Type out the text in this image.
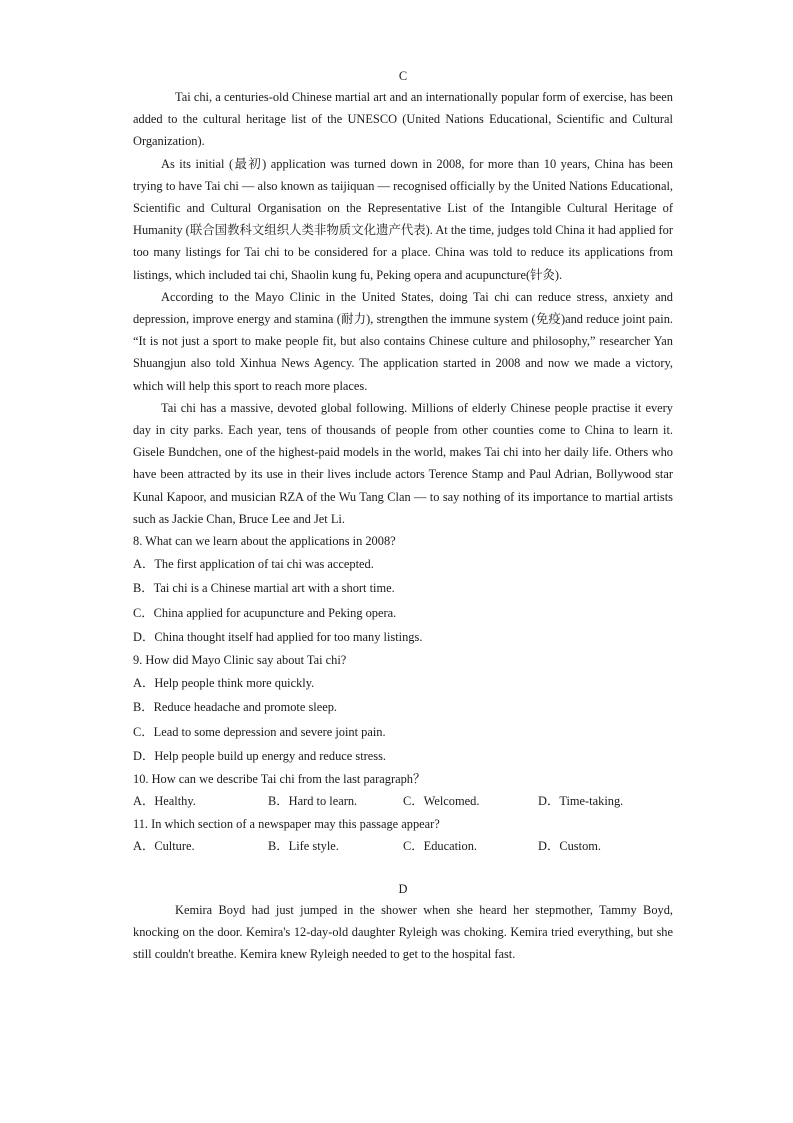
C

Tai chi, a centuries-old Chinese martial art and an internationally popular form of exercise, has been added to the cultural heritage list of the UNESCO (United Nations Educational, Scientific and Cultural Organization).

As its initial (最初) application was turned down in 2008, for more than 10 years, China has been trying to have Tai chi — also known as taijiquan — recognised officially by the United Nations Educational, Scientific and Cultural Organisation on the Representative List of the Intangible Cultural Heritage of Humanity (联合国教科文组织人类非物质文化遗产代表). At the time, judges told China it had applied for too many listings for Tai chi to be considered for a place. China was told to reduce its applications from listings, which included tai chi, Shaolin kung fu, Peking opera and acupuncture(针灸).

According to the Mayo Clinic in the United States, doing Tai chi can reduce stress, anxiety and depression, improve energy and stamina (耐力), strengthen the immune system (免疫)and reduce joint pain. “It is not just a sport to make people fit, but also contains Chinese culture and philosophy,” researcher Yan Shuangjun also told Xinhua News Agency. The application started in 2008 and now we made a victory, which will help this sport to reach more places.

Tai chi has a massive, devoted global following. Millions of elderly Chinese people practise it every day in city parks. Each year, tens of thousands of people from other counties come to China to learn it. Gisele Bundchen, one of the highest-paid models in the world, makes Tai chi into her daily life. Others who have been attracted by its use in their lives include actors Terence Stamp and Paul Adrian, Bollywood star Kunal Kapoor, and musician RZA of the Wu Tang Clan — to say nothing of its importance to martial artists such as Jackie Chan, Bruce Lee and Jet Li.

8. What can we learn about the applications in 2008?

A．The first application of tai chi was accepted.

B．Tai chi is a Chinese martial art with a short time.

C．China applied for acupuncture and Peking opera.

D．China thought itself had applied for too many listings.

9. How did Mayo Clinic say about Tai chi?

A．Help people think more quickly.

B．Reduce headache and promote sleep.

C．Lead to some depression and severe joint pain.

D．Help people build up energy and reduce stress.

10. How can we describe Tai chi from the last paragraph？

A．Healthy.	B．Hard to learn.	C．Welcomed.	D．Time-taking.

11. In which section of a newspaper may this passage appear?

A．Culture.	B．Life style.	C．Education.	D．Custom.

D

Kemira Boyd had just jumped in the shower when she heard her stepmother, Tammy Boyd, knocking on the door. Kemira's 12-day-old daughter Ryleigh was choking. Kemira tried everything, but she still couldn't breathe. Kemira knew Ryleigh needed to get to the hospital fast.
